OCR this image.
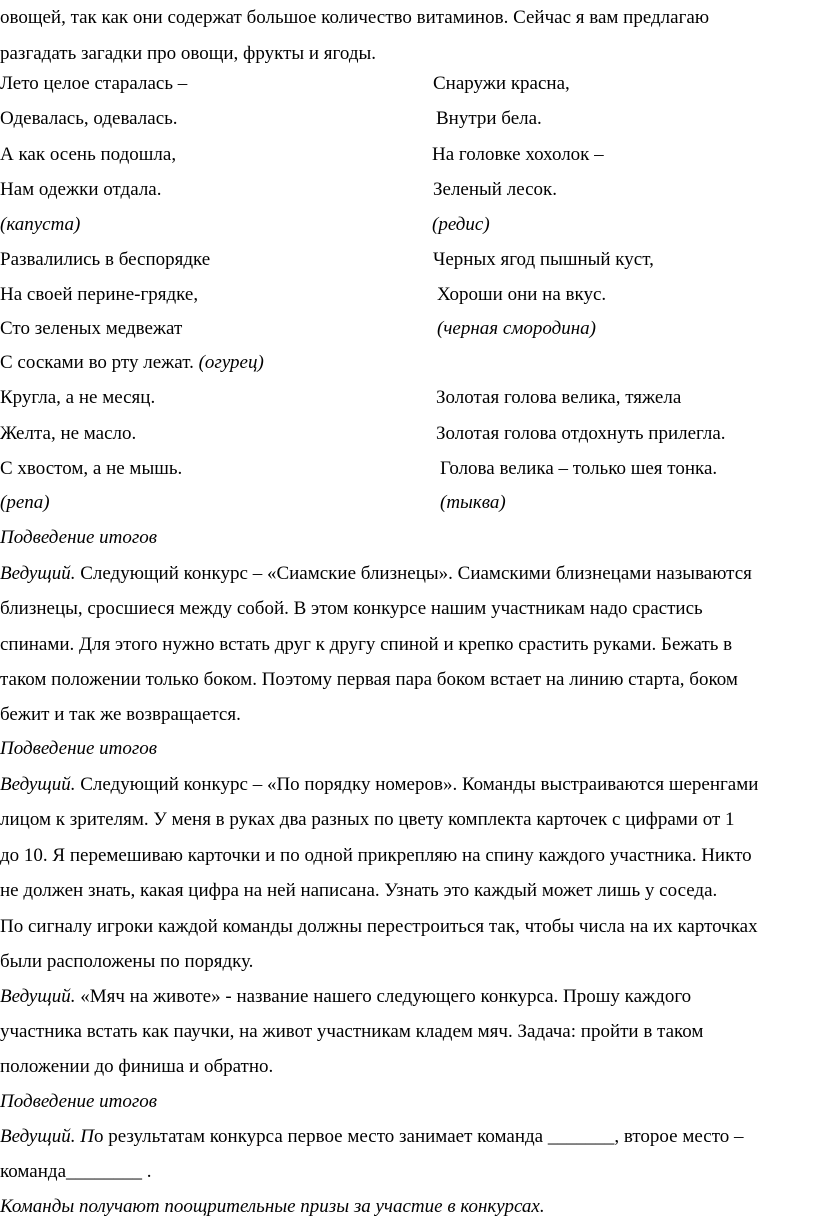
овощей, так как они содержат большое количество витаминов. Сейчас я вам предлагаю
разгадать загадки про овощи, фрукты и ягоды.
Лето целое старалась –	Снаружи красна,
Одевалась, одевалась.	Внутри бела.
А как осень подошла,	На головке хохолок –
Нам одежки отдала.	Зеленый лесок.
(капуста)	(редис)
Развалились в беспорядке	Черных ягод пышный куст,
На своей перине-грядке,	Хороши они на вкус.
Сто зеленых медвежат	(черная смородина)
С сосками во рту лежат. (огурец)
Кругла, а не месяц.	Золотая голова велика, тяжела
Желта, не масло.	Золотая голова отдохнуть прилегла.
С хвостом, а не мышь.	Голова велика – только шея тонка.
(репа)	(тыква)
Подведение итогов
Ведущий. Следующий конкурс – «Сиамские близнецы». Сиамскими близнецами называются
близнецы, сросшиеся между собой. В этом конкурсе нашим участникам надо срастись
спинами. Для этого нужно встать друг к другу спиной и крепко срастить руками. Бежать в
таком положении только боком. Поэтому первая пара боком встает на линию старта, боком
бежит и так же возвращается.
Подведение итогов
Ведущий. Следующий конкурс – «По порядку номеров». Команды выстраиваются шеренгами
лицом к зрителям. У меня в руках два разных по цвету комплекта карточек с цифрами от 1
до 10. Я перемешиваю карточки и по одной прикрепляю на спину каждого участника. Никто
не должен знать, какая цифра на ней написана. Узнать это каждый может лишь у соседа.
По сигналу игроки каждой команды должны перестроиться так, чтобы числа на их карточках
были расположены по порядку.
Ведущий. «Мяч на животе» - название нашего следующего конкурса. Прошу каждого
участника встать как паучки, на живот участникам кладем мяч. Задача: пройти в таком
положении до финиша и обратно.
Подведение итогов
Ведущий. По результатам конкурса первое место занимает команда _______, второе место –
команда________ .
Команды получают поощрительные призы за участие в конкурсах.
